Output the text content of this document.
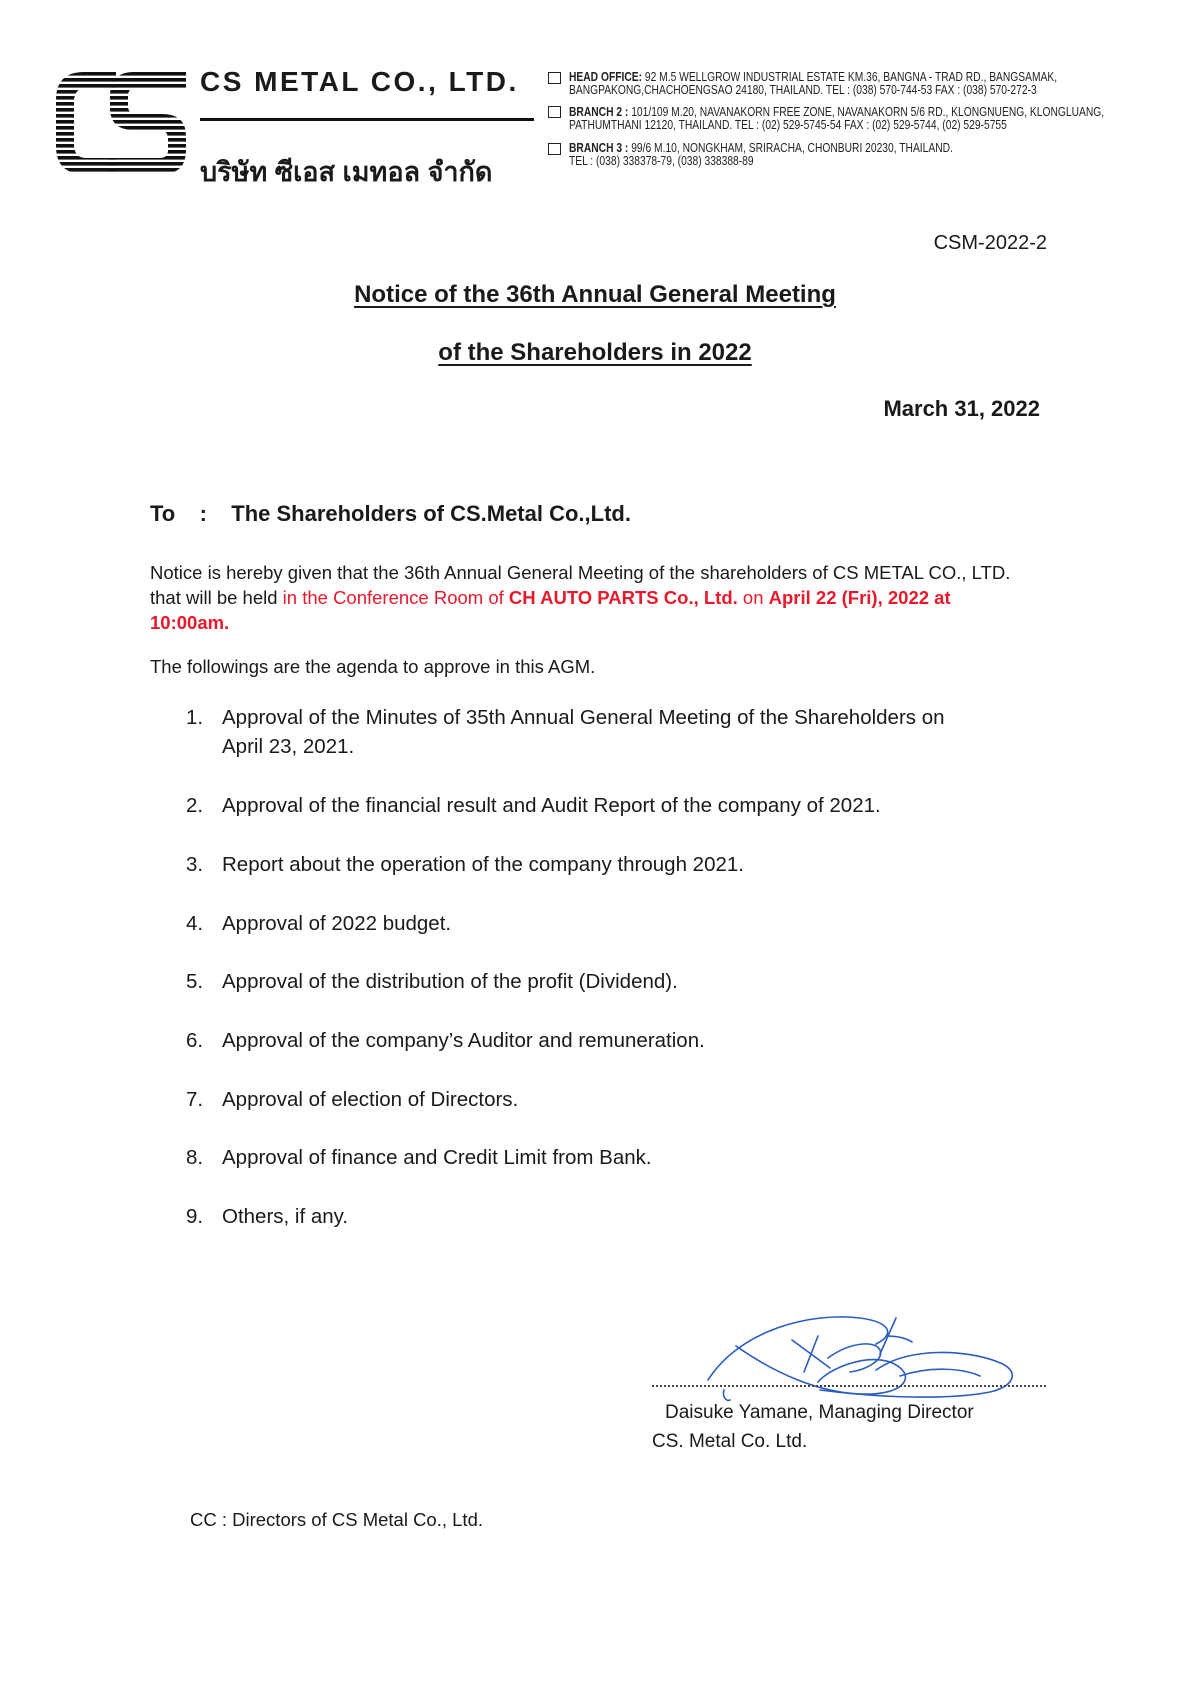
CS METAL CO., LTD.
บริษัท ซีเอส เมทอล จำกัด
HEAD OFFICE: 92 M.5 WELLGROW INDUSTRIAL ESTATE KM.36, BANGNA - TRAD RD., BANGSAMAK,
BANGPAKONG,CHACHOENGSAO 24180, THAILAND. TEL : (038) 570-744-53 FAX : (038) 570-272-3
BRANCH 2 : 101/109 M.20, NAVANAKORN FREE ZONE, NAVANAKORN 5/6 RD., KLONGNUENG, KLONGLUANG,
PATHUMTHANI 12120, THAILAND. TEL : (02) 529-5745-54 FAX : (02) 529-5744, (02) 529-5755
BRANCH 3 : 99/6 M.10, NONGKHAM, SRIRACHA, CHONBURI 20230, THAILAND.
TEL : (038) 338378-79, (038) 338388-89
CSM-2022-2
Notice of the 36th Annual General Meeting
of the Shareholders in 2022
March 31, 2022
To : The Shareholders of CS.Metal Co.,Ltd.
Notice is hereby given that the 36th Annual General Meeting of the shareholders of CS METAL CO., LTD. that will be held in the Conference Room of CH AUTO PARTS Co., Ltd. on April 22 (Fri), 2022 at 10:00am.
The followings are the agenda to approve in this AGM.
1. Approval of the Minutes of 35th Annual General Meeting of the Shareholders on April 23, 2021.
2. Approval of the financial result and Audit Report of the company of 2021.
3. Report about the operation of the company through 2021.
4. Approval of 2022 budget.
5. Approval of the distribution of the profit (Dividend).
6. Approval of the company’s Auditor and remuneration.
7. Approval of election of Directors.
8. Approval of finance and Credit Limit from Bank.
9. Others, if any.
Daisuke Yamane, Managing Director
CS. Metal Co. Ltd.
CC : Directors of CS Metal Co., Ltd.
